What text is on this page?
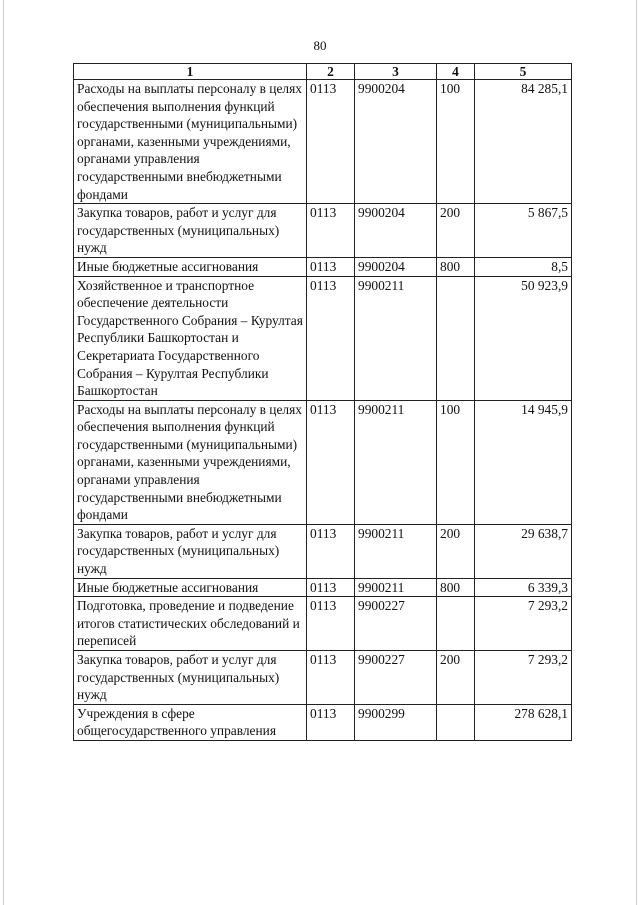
80
1	2	3	4	5
Расходы на выплаты персоналу в целях обеспечения выполнения функций государственными (муниципальными) органами, казенными учреждениями, органами управления государственными внебюджетными фондами	0113	9900204	100	84 285,1
Закупка товаров, работ и услуг для государственных (муниципальных) нужд	0113	9900204	200	5 867,5
Иные бюджетные ассигнования	0113	9900204	800	8,5
Хозяйственное и транспортное обеспечение деятельности Государственного Собрания – Курултая Республики Башкортостан и Секретариата Государственного Собрания – Курултая Республики Башкортостан	0113	9900211		50 923,9
Расходы на выплаты персоналу в целях обеспечения выполнения функций государственными (муниципальными) органами, казенными учреждениями, органами управления государственными внебюджетными фондами	0113	9900211	100	14 945,9
Закупка товаров, работ и услуг для государственных (муниципальных) нужд	0113	9900211	200	29 638,7
Иные бюджетные ассигнования	0113	9900211	800	6 339,3
Подготовка, проведение и подведение итогов статистических обследований и переписей	0113	9900227		7 293,2
Закупка товаров, работ и услуг для государственных (муниципальных) нужд	0113	9900227	200	7 293,2
Учреждения в сфере общегосударственного управления	0113	9900299		278 628,1
